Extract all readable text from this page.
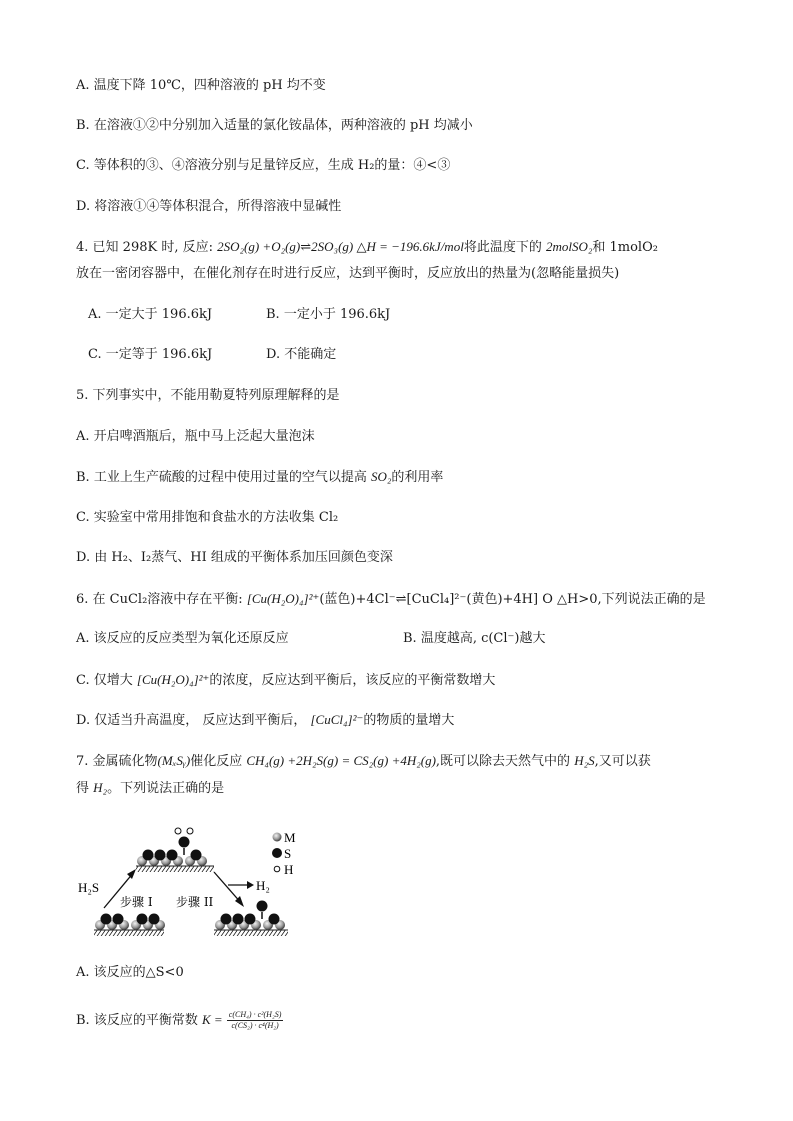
A. 温度下降 10℃，四种溶液的 pH 均不变
B. 在溶液①②中分别加入适量的氯化铵晶体，两种溶液的 pH 均减小
C. 等体积的③、④溶液分别与足量锌反应，生成 H₂的量：④<③
D. 将溶液①④等体积混合，所得溶液中显碱性
4. 已知 298K 时, 反应: 2SO₂(g) +O₂(g)⇌2SO₃(g) △H = −196.6kJ/mol将此温度下的 2molSO₂和 1molO₂
放在一密闭容器中，在催化剂存在时进行反应，达到平衡时，反应放出的热量为(忽略能量损失)
A. 一定大于 196.6kJ	B. 一定小于 196.6kJ
C. 一定等于 196.6kJ	D. 不能确定
5. 下列事实中，不能用勒夏特列原理解释的是
A. 开启啤酒瓶后，瓶中马上泛起大量泡沫
B. 工业上生产硫酸的过程中使用过量的空气以提高 SO₂的利用率
C. 实验室中常用排饱和食盐水的方法收集 Cl₂
D. 由 H₂、I₂蒸气、HI 组成的平衡体系加压回颜色变深
6. 在 CuCl₂溶液中存在平衡: [Cu(H₂O)₄]²⁺(蓝色)+4Cl⁻⇌[CuCl₄]²⁻(黄色)+4H] O △H>0,下列说法正确的是
A. 该反应的反应类型为氧化还原反应	B. 温度越高, c(Cl⁻)越大
C. 仅增大 [Cu(H₂O)₄]²⁺的浓度，反应达到平衡后，该反应的平衡常数增大
D. 仅适当升高温度， 反应达到平衡后， [CuCl₄]²⁻的物质的量增大
7. 金属硫化物(MₓSᵧ)催化反应 CH₄(g) +2H₂S(g) = CS₂(g) +4H₂(g),既可以除去天然气中的 H₂S,又可以获
得 H₂。下列说法正确的是
H₂S	H₂
步骤 I 步骤 II
M
S
H
A. 该反应的△S<0
B. 该反应的平衡常数 $K = \frac{\text{c(CH₄) · c²(H₂S)}}{\text{c(CS₂) · c⁴(H₂)}}$
